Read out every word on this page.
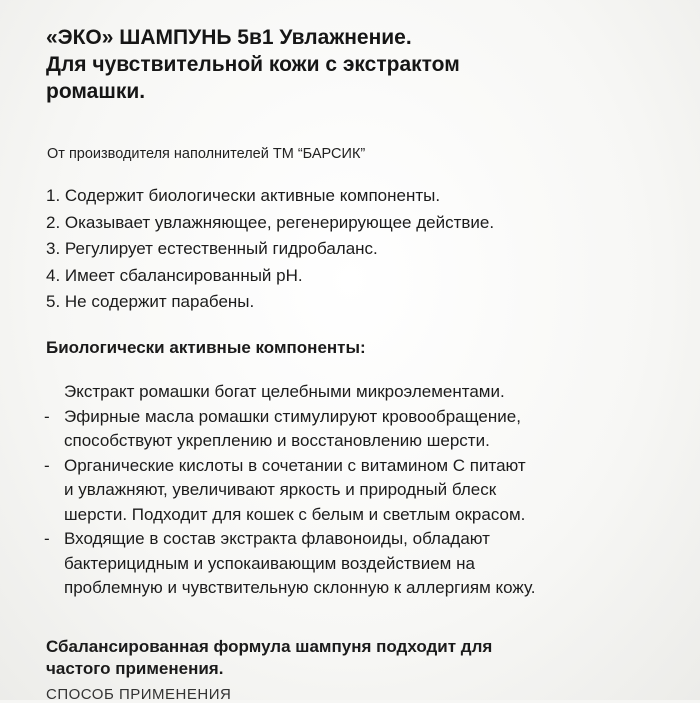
«ЭКО» ШАМПУНЬ 5в1 Увлажнение.
Для чувствительной кожи с экстрактом
ромашки.

От производителя наполнителей ТМ “БАРСИК”

1. Содержит биологически активные компоненты.
2. Оказывает увлажняющее, регенерирующее действие.
3. Регулирует естественный гидробаланс.
4. Имеет сбалансированный pH.
5. Не содержит парабены.
Биологически активные компоненты:

Экстракт ромашки богат целебными микроэлементами.

- Эфирные масла ромашки стимулируют кровообращение,
способствуют укреплению и восстановлению шерсти.
- Органические кислоты в сочетании с витамином С питают
и увлажняют, увеличивают яркость и природный блеск
шерсти. Подходит для кошек с белым и светлым окрасом.
- Входящие в состав экстракта флавоноиды, обладают
бактерицидным и успокаивающим воздействием на
проблемную и чувствительную склонную к аллергиям кожу.

Сбалансированная формула шампуня подходит для
частого применения.

СПОСОБ ПРИМЕНЕНИЯ
